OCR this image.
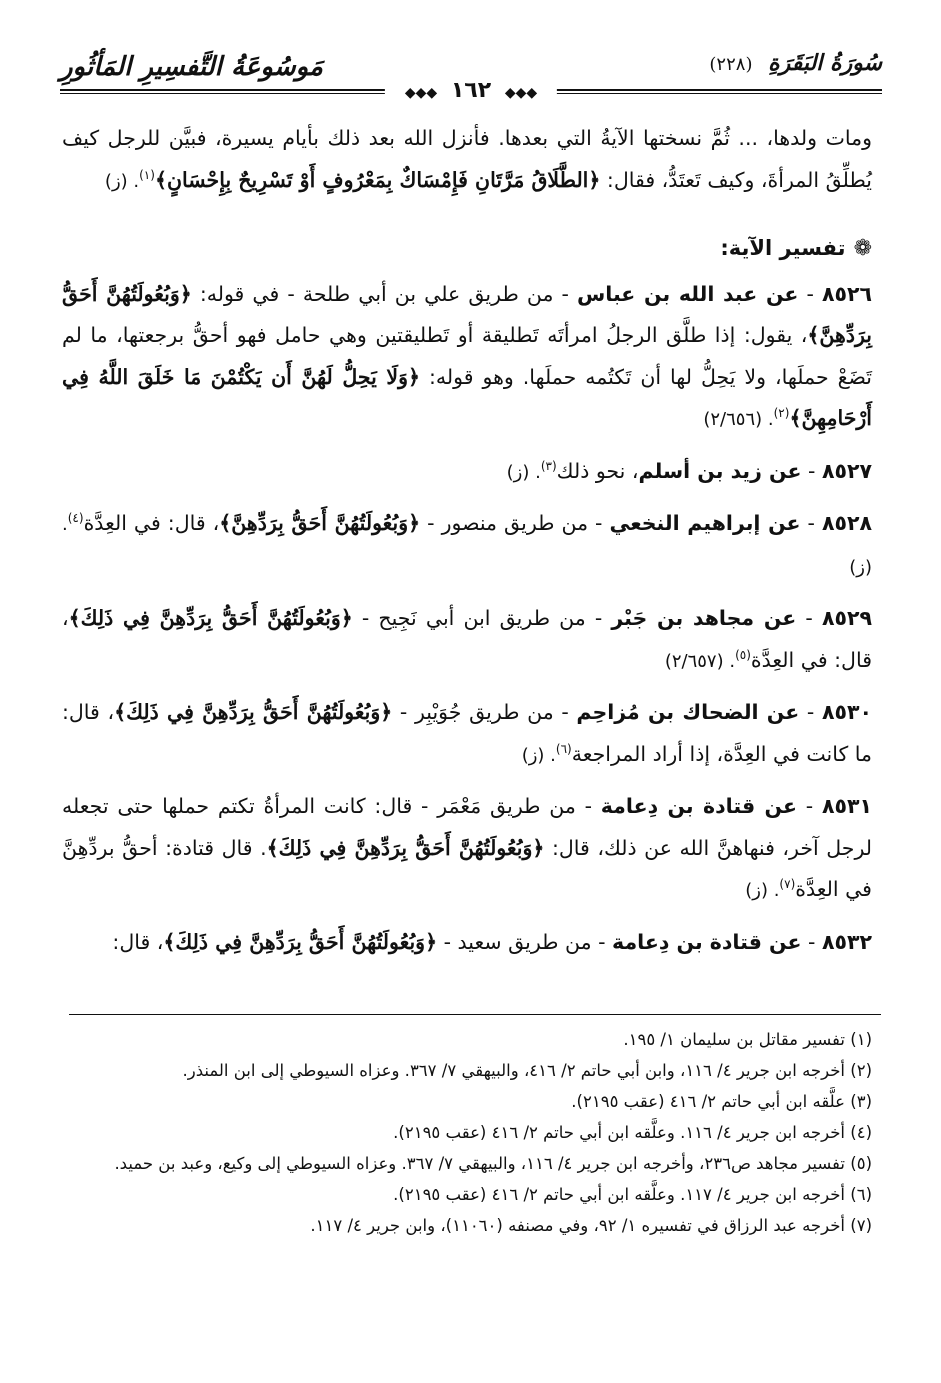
سُورَةُ البَقَرَةِ (٢٢٨)
مَوسُوعَةُ التَّفسِيرِ المَأثُورِ
◆◆◆ ١٦٢ ◆◆◆

ومات ولدها، ... ثُمَّ نسختها الآيةُ التي بعدها. فأنزل الله بعد ذلك بأيام يسيرة، فبيَّن للرجل كيف يُطلِّقُ المرأةَ، وكيف تَعتَدُّ، فقال: ﴿الطَّلَاقُ مَرَّتَانِ فَإِمْسَاكٌ بِمَعْرُوفٍ أَوْ تَسْرِيحٌ بِإِحْسَانٍ﴾$^{(١)}$. (ز)

❁تفسير الآية:

٨٥٢٦ - عن عبد الله بن عباس - من طريق علي بن أبي طلحة - في قوله: ﴿وَبُعُولَتُهُنَّ أَحَقُّ بِرَدِّهِنَّ﴾، يقول: إذا طلَّق الرجلُ امرأتَه تَطليقة أو تَطليقتين وهي حامل فهو أحقُّ برجعتها، ما لم تَضَعْ حملَها، ولا يَحِلُّ لها أن تَكتُمه حملَها. وهو قوله: ﴿وَلَا يَحِلُّ لَهُنَّ أَن يَكْتُمْنَ مَا خَلَقَ اللَّهُ فِي أَرْحَامِهِنَّ﴾$^{(٢)}$. (٢/٦٥٦)

٨٥٢٧ - عن زيد بن أسلم، نحو ذلك$^{(٣)}$. (ز)

٨٥٢٨ - عن إبراهيم النخعي - من طريق منصور - ﴿وَبُعُولَتُهُنَّ أَحَقُّ بِرَدِّهِنَّ﴾، قال: في العِدَّة$^{(٤)}$. (ز)

٨٥٢٩ - عن مجاهد بن جَبْر - من طريق ابن أبي نَجِيح - ﴿وَبُعُولَتُهُنَّ أَحَقُّ بِرَدِّهِنَّ فِي ذَلِكَ﴾، قال: في العِدَّة$^{(٥)}$. (٢/٦٥٧)

٨٥٣٠ - عن الضحاك بن مُزاحِم - من طريق جُوَيْبِر - ﴿وَبُعُولَتُهُنَّ أَحَقُّ بِرَدِّهِنَّ فِي ذَلِكَ﴾، قال: ما كانت في العِدَّة، إذا أراد المراجعة$^{(٦)}$. (ز)

٨٥٣١ - عن قتادة بن دِعامة - من طريق مَعْمَر - قال: كانت المرأةُ تكتم حملها حتى تجعله لرجل آخر، فنهاهنَّ الله عن ذلك، قال: ﴿وَبُعُولَتُهُنَّ أَحَقُّ بِرَدِّهِنَّ فِي ذَلِكَ﴾. قال قتادة: أحقُّ بردِّهِنَّ في العِدَّة$^{(٧)}$. (ز)

٨٥٣٢ - عن قتادة بن دِعامة - من طريق سعيد - ﴿وَبُعُولَتُهُنَّ أَحَقُّ بِرَدِّهِنَّ فِي ذَلِكَ﴾، قال:

(١) تفسير مقاتل بن سليمان ١/ ١٩٥.

(٢) أخرجه ابن جرير ٤/ ١١٦، وابن أبي حاتم ٢/ ٤١٦، والبيهقي ٧/ ٣٦٧. وعزاه السيوطي إلى ابن المنذر.

(٣) علَّقه ابن أبي حاتم ٢/ ٤١٦ (عقب ٢١٩٥).

(٤) أخرجه ابن جرير ٤/ ١١٦. وعلَّقه ابن أبي حاتم ٢/ ٤١٦ (عقب ٢١٩٥).

(٥) تفسير مجاهد ص٢٣٦، وأخرجه ابن جرير ٤/ ١١٦، والبيهقي ٧/ ٣٦٧. وعزاه السيوطي إلى وكيع، وعبد بن حميد.

(٦) أخرجه ابن جرير ٤/ ١١٧. وعلَّقه ابن أبي حاتم ٢/ ٤١٦ (عقب ٢١٩٥).

(٧) أخرجه عبد الرزاق في تفسيره ١/ ٩٢، وفي مصنفه (١١٠٦٠)، وابن جرير ٤/ ١١٧.
